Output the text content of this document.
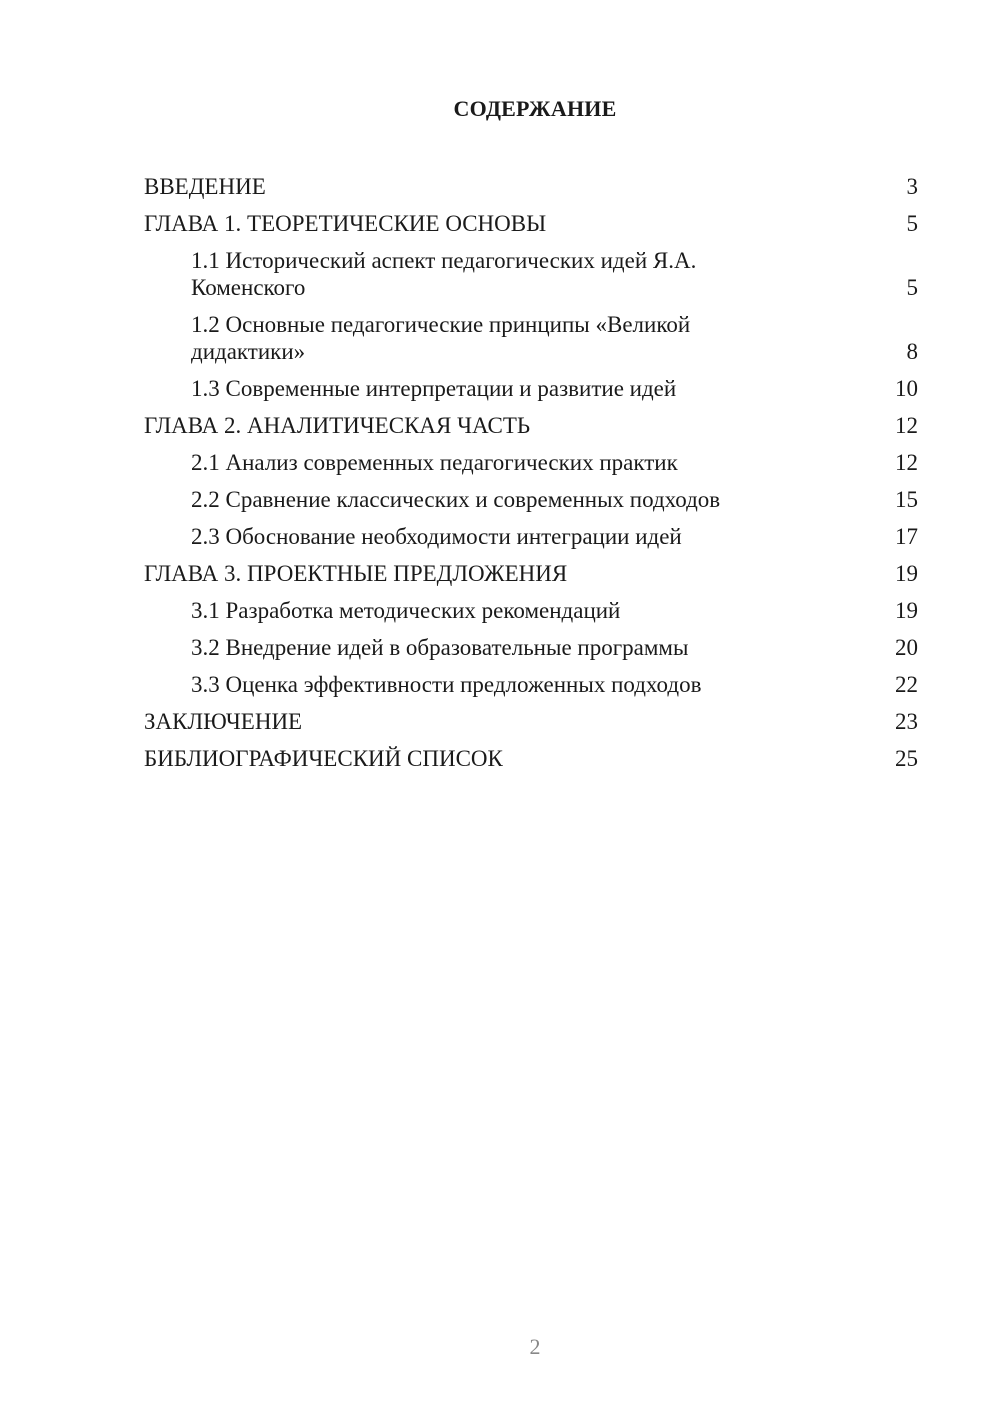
СОДЕРЖАНИЕ
ВВЕДЕНИЕ	3
ГЛАВА 1. ТЕОРЕТИЧЕСКИЕ ОСНОВЫ	5
1.1 Исторический аспект педагогических идей Я.А. Коменского	5
1.2 Основные педагогические принципы «Великой дидактики»	8
1.3 Современные интерпретации и развитие идей	10
ГЛАВА 2. АНАЛИТИЧЕСКАЯ ЧАСТЬ	12
2.1 Анализ современных педагогических практик	12
2.2 Сравнение классических и современных подходов	15
2.3 Обоснование необходимости интеграции идей	17
ГЛАВА 3. ПРОЕКТНЫЕ ПРЕДЛОЖЕНИЯ	19
3.1 Разработка методических рекомендаций	19
3.2 Внедрение идей в образовательные программы	20
3.3 Оценка эффективности предложенных подходов	22
ЗАКЛЮЧЕНИЕ	23
БИБЛИОГРАФИЧЕСКИЙ СПИСОК	25
2
